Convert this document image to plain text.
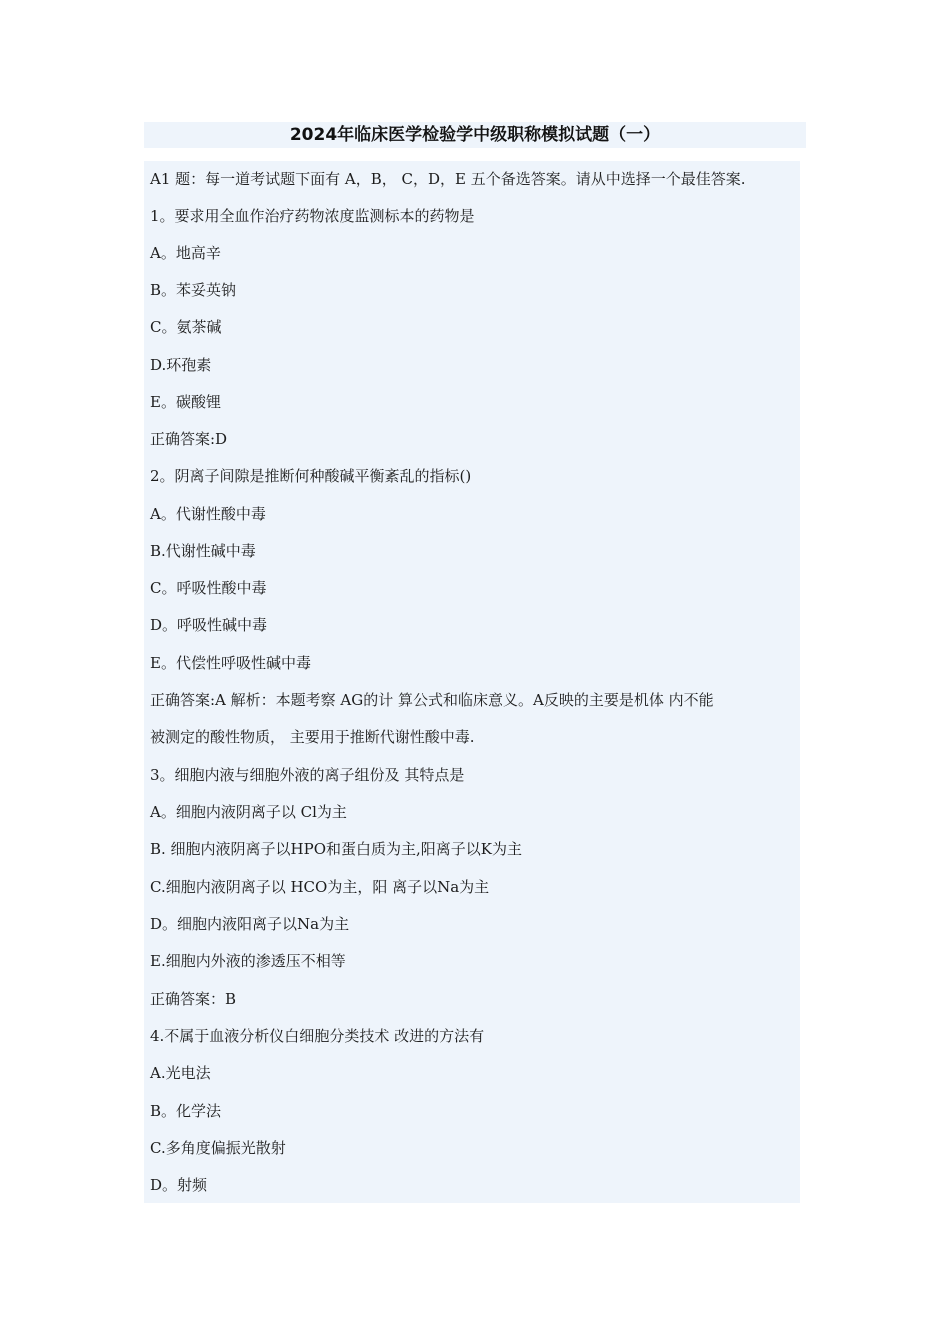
2024年临床医学检验学中级职称模拟试题（一）
A1 题：每一道考试题下面有 A，B， C，D，E 五个备选答案。请从中选择一个最佳答案.
1。要求用全血作治疗药物浓度监测标本的药物是
A。地高辛
B。苯妥英钠
C。氨茶碱
D.环孢素
E。碳酸锂
正确答案:D
2。阴离子间隙是推断何种酸碱平衡紊乱的指标()
A。代谢性酸中毒
B.代谢性碱中毒
C。呼吸性酸中毒
D。呼吸性碱中毒
E。代偿性呼吸性碱中毒
正确答案:A 解析：本题考察 AG的计 算公式和临床意义。A反映的主要是机体 内不能
被测定的酸性物质， 主要用于推断代谢性酸中毒.
3。细胞内液与细胞外液的离子组份及 其特点是
A。细胞内液阴离子以 Cl为主
B. 细胞内液阴离子以HPO和蛋白质为主,阳离子以K为主
C.细胞内液阴离子以 HCO为主，阳 离子以Na为主
D。细胞内液阳离子以Na为主
E.细胞内外液的渗透压不相等
正确答案：B
4.不属于血液分析仪白细胞分类技术 改进的方法有
A.光电法
B。化学法
C.多角度偏振光散射
D。射频
